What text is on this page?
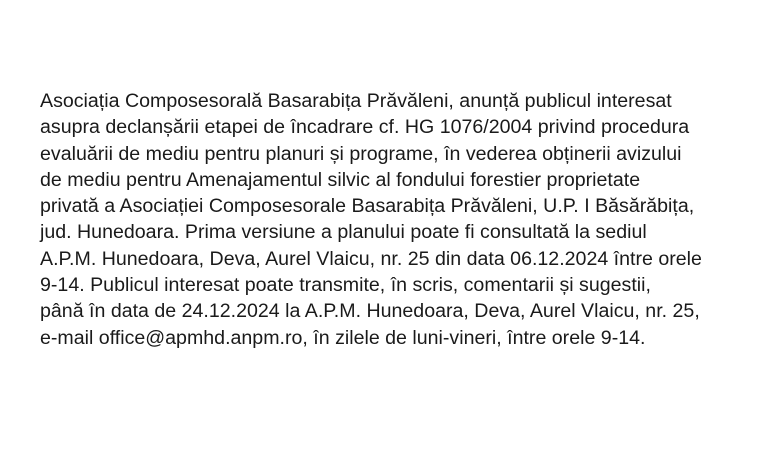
Asociația Composesorală Basarabița Prăvăleni, anunță publicul interesat
asupra declanșării etapei de încadrare cf. HG 1076/2004 privind procedura
evaluării de mediu pentru planuri și programe, în vederea obținerii avizului
de mediu pentru Amenajamentul silvic al fondului forestier proprietate
privată a Asociației Composesorale Basarabița Prăvăleni, U.P. I Băsărăbița,
jud. Hunedoara. Prima versiune a planului poate fi consultată la sediul
A.P.M. Hunedoara, Deva, Aurel Vlaicu, nr. 25 din data 06.12.2024 între orele
9-14. Publicul interesat poate transmite, în scris, comentarii și sugestii,
până în data de 24.12.2024 la A.P.M. Hunedoara, Deva, Aurel Vlaicu, nr. 25,
e-mail office@apmhd.anpm.ro, în zilele de luni-vineri, între orele 9-14.
